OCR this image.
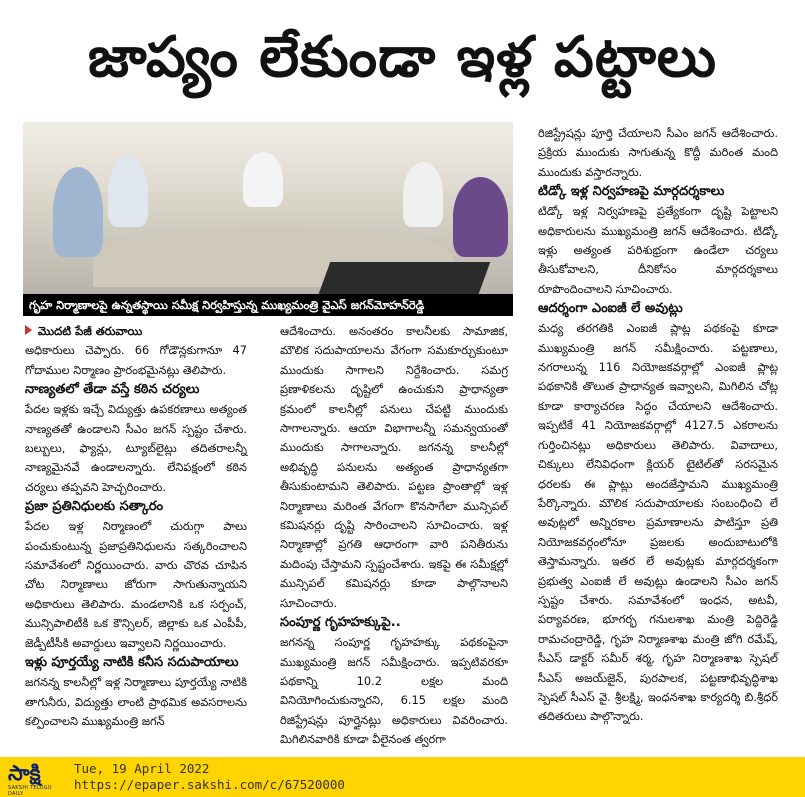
జాప్యం లేకుండా ఇళ్ల పట్టాలు
గృహ నిర్మాణాలపై ఉన్నతస్థాయి సమీక్ష నిర్వహిస్తున్న ముఖ్యమంత్రి వైఎస్ జగన్‌మోహన్‌రెడ్డి
మొదటి పేజీ తరువాయి

అధికారులు చెప్పారు. 66 గోడౌన్లకుగానూ 47 గోదాముల నిర్మాణం ప్రారంభమైనట్లు తెలిపారు.

నాణ్యతలో తేడా వస్తే కఠిన చర్యలు

పేదల ఇళ్లకు ఇచ్చే విద్యుత్తు ఉపకరణాలు అత్యంత నాణ్యతతో ఉండాలని సీఎం జగన్ స్పష్టం చేశారు. బల్బులు, ఫ్యాన్లు, ట్యూబ్‌లైట్లు తదితరాలన్నీ నాణ్యమైనవే ఉండాలన్నారు. లేనిపక్షంలో కఠిన చర్యలు తప్పవని హెచ్చరించారు.

ప్రజా ప్రతినిధులకు సత్కారం

పేదల ఇళ్ల నిర్మాణంలో చురుగ్గా పాలు పంచుకుంటున్న ప్రజాప్రతినిధులను సత్కరించాలని సమావేశంలో నిర్ణయించారు. వారు చొరవ చూపిన చోట నిర్మాణాలు జోరుగా సాగుతున్నాయని అధికారులు తెలిపారు. మండలానికి ఒక సర్పంచ్, మున్సిపాలిటీకి ఒక కౌన్సిలర్, జిల్లాకు ఒక ఎంపీపీ, జెడ్పీటీసీకి అవార్డులు ఇవ్వాలని నిర్ణయించారు.

ఇళ్లు పూర్తయ్యే నాటికి కనీస సదుపాయాలు

జగనన్న కాలనీల్లో ఇళ్ల నిర్మాణాలు పూర్తయ్యే నాటికి తాగునీరు, విద్యుత్తు లాంటి ప్రాథమిక అవసరాలను కల్పించాలని ముఖ్యమంత్రి జగన్

ఆదేశించారు. అనంతరం కాలనీలకు సామాజిక, మౌలిక సదుపాయాలను వేగంగా సమకూర్చుకుంటూ ముందుకు సాగాలని నిర్దేశించారు. సమగ్ర ప్రణాళికలను దృష్టిలో ఉంచుకుని ప్రాధాన్యతా క్రమంలో కాలనీల్లో పనులు చేపట్టి ముందుకు సాగాలన్నారు. ఆయా విభాగాలన్నీ సమన్వయంతో ముందుకు సాగాలన్నారు. జగనన్న కాలనీల్లో అభివృద్ధి పనులను అత్యంత ప్రాధాన్యతగా తీసుకుంటామని తెలిపారు. పట్టణ ప్రాంతాల్లో ఇళ్ల నిర్మాణాలు మరింత వేగంగా కొనసాగేలా మున్సిపల్ కమిషనర్లు దృష్టి సారించాలని సూచించారు. ఇళ్ల నిర్మాణాల్లో ప్రగతి ఆధారంగా వారి పనితీరును మదింపు చేస్తామని స్పష్టంచేశారు. ఇకపై ఈ సమీక్షల్లో మున్సిపల్ కమిషనర్లు కూడా పాల్గొనాలని సూచించారు.

సంపూర్ణ గృహహక్కుపై..

జగనన్న సంపూర్ణ గృహహక్కు పథకంపైనా ముఖ్యమంత్రి జగన్ సమీక్షించారు. ఇప్పటివరకూ పథకాన్ని 10.2 లక్షల మంది వినియోగించుకున్నారని, 6.15 లక్షల మంది రిజిస్ట్రేషన్లు పూర్తైనట్లు అధికారులు వివరించారు. మిగిలినవారికి కూడా వీలైనంత త్వరగా

రిజిస్ట్రేషన్లు పూర్తి చేయాలని సీఎం జగన్ ఆదేశించారు. ప్రక్రియ ముందుకు సాగుతున్న కొద్దీ మరింత మంది ముందుకు వస్తారన్నారు.

టిడ్కో ఇళ్ల నిర్వహణపై మార్గదర్శకాలు

టిడ్కో ఇళ్ల నిర్వహణపై ప్రత్యేకంగా దృష్టి పెట్టాలని అధికారులను ముఖ్యమంత్రి జగన్ ఆదేశించారు. టిడ్కో ఇళ్లు అత్యంత పరిశుభ్రంగా ఉండేలా చర్యలు తీసుకోవాలని, దీనికోసం మార్గదర్శకాలు రూపొందించాలని సూచించారు.

ఆదర్శంగా ఎంఐజీ లే అవుట్లు

మధ్య తరగతికి ఎంఐజీ ప్లాట్ల పథకంపై కూడా ముఖ్యమంత్రి జగన్ సమీక్షించారు. పట్టణాలు, నగరాలున్న 116 నియోజకవర్గాల్లో ఎంఐజీ ప్లాట్ల పథకానికి తొలుత ప్రాధాన్యత ఇవ్వాలని, మిగిలిన చోట్ల కూడా కార్యాచరణ సిద్ధం చేయాలని ఆదేశించారు. ఇప్పటికే 41 నియోజకవర్గాల్లో 4127.5 ఎకరాలను గుర్తించినట్లు అధికారులు తెలిపారు. వివాదాలు, చిక్కులు లేనివిధంగా క్లియర్ టైటిల్‌తో సరసమైన ధరలకు ఈ ప్లాట్లు అందజేస్తామని ముఖ్యమంత్రి పేర్కొన్నారు. మౌలిక సదుపాయాలకు సంబంధించి లే అవుట్లలో అన్నిరకాల ప్రమాణాలను పాటిస్తూ ప్రతి నియోజకవర్గంలోనూ ప్రజలకు అందుబాటులోకి తెస్తామన్నారు. ఇతర లే అవుట్లకు మార్గదర్శకంగా ప్రభుత్వ ఎంఐజీ లే అవుట్లు ఉండాలని సీఎం జగన్ స్పష్టం చేశారు. సమావేశంలో ఇంధన, అటవీ, పర్యావరణ, భూగర్భ గనులశాఖ మంత్రి పెద్దిరెడ్డి రామచంద్రారెడ్డి, గృహ నిర్మాణశాఖ మంత్రి జోగి రమేష్, సీఎస్ డాక్టర్ సమీర్ శర్మ, గృహ నిర్మాణశాఖ స్పెషల్ సీఎస్ అజయ్‌జైన్, పురపాలక, పట్టణాభివృద్ధిశాఖ స్పెషల్ సీఎస్ వై. శ్రీలక్ష్మి, ఇంధనశాఖ కార్యదర్శి బి.శ్రీధర్ తదితరులు పాల్గొన్నారు.

సాక్షి
SAKSHI TELUGU DAILY
Tue, 19 April 2022
https://epaper.sakshi.com/c/67520000
